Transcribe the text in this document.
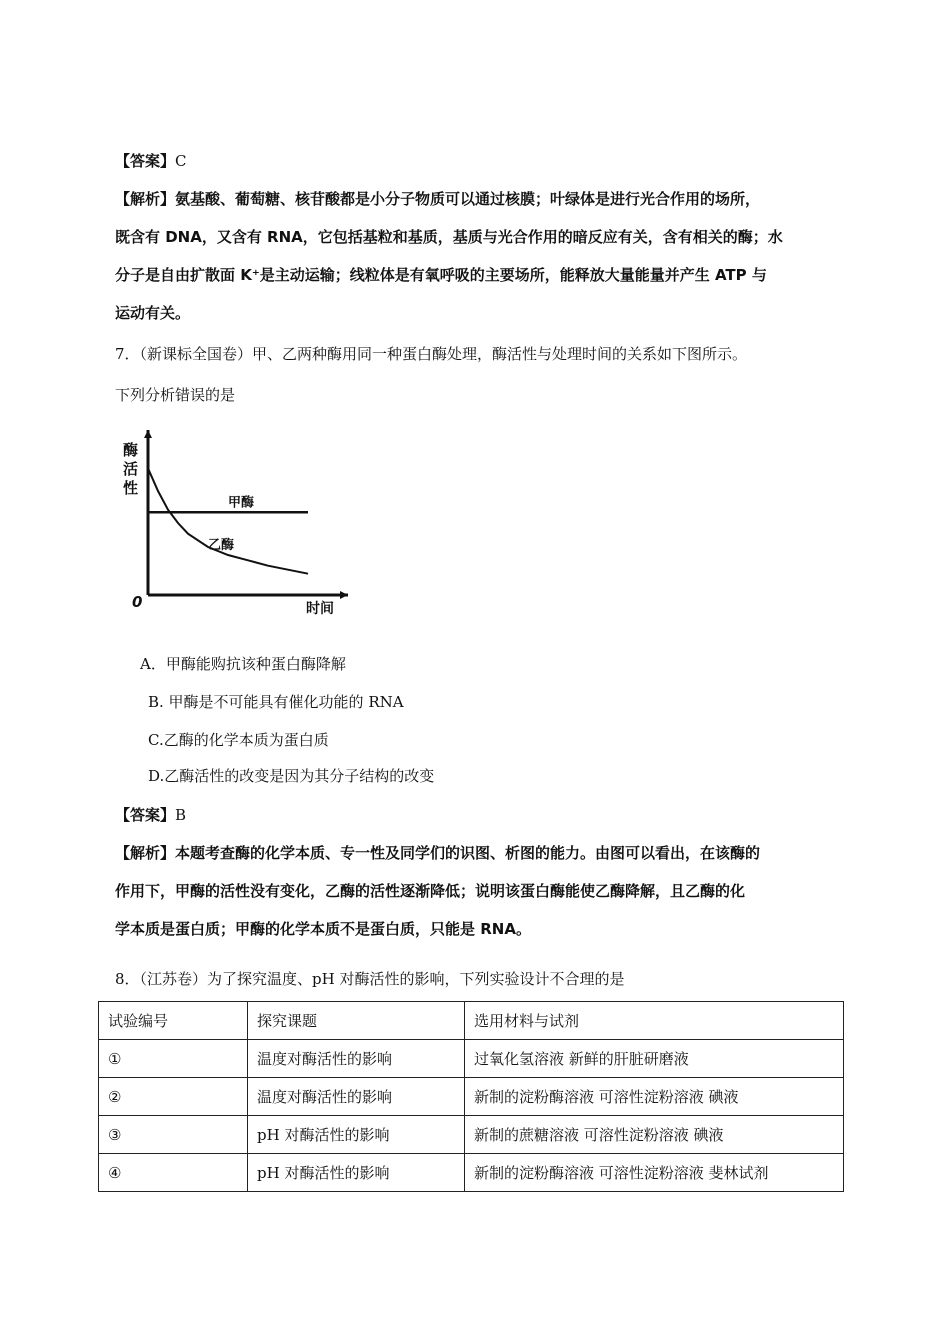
【答案】C
【解析】氨基酸、葡萄糖、核苷酸都是小分子物质可以通过核膜；叶绿体是进行光合作用的场所，
既含有 DNA，又含有 RNA，它包括基粒和基质，基质与光合作用的暗反应有关，含有相关的酶；水
分子是自由扩散面 K⁺是主动运输；线粒体是有氧呼吸的主要场所，能释放大量能量并产生 ATP 与
运动有关。
7．（新课标全国卷）甲、乙两种酶用同一种蛋白酶处理，酶活性与处理时间的关系如下图所示。
下列分析错误的是
甲酶
乙酶
酶
活
性
时间
0
A．甲酶能购抗该种蛋白酶降解
B. 甲酶是不可能具有催化功能的 RNA
C.乙酶的化学本质为蛋白质
D.乙酶活性的改变是因为其分子结构的改变
【答案】B
【解析】本题考查酶的化学本质、专一性及同学们的识图、析图的能力。由图可以看出，在该酶的
作用下，甲酶的活性没有变化，乙酶的活性逐渐降低；说明该蛋白酶能使乙酶降解，且乙酶的化
学本质是蛋白质；甲酶的化学本质不是蛋白质，只能是 RNA。
8．（江苏卷）为了探究温度、pH 对酶活性的影响，下列实验设计不合理的是
试验编号	探究课题	选用材料与试剂
①	温度对酶活性的影响	过氧化氢溶液 新鲜的肝脏研磨液
②	温度对酶活性的影响	新制的淀粉酶溶液 可溶性淀粉溶液 碘液
③	pH 对酶活性的影响	新制的蔗糖溶液 可溶性淀粉溶液 碘液
④	pH 对酶活性的影响	新制的淀粉酶溶液 可溶性淀粉溶液 斐林试剂
